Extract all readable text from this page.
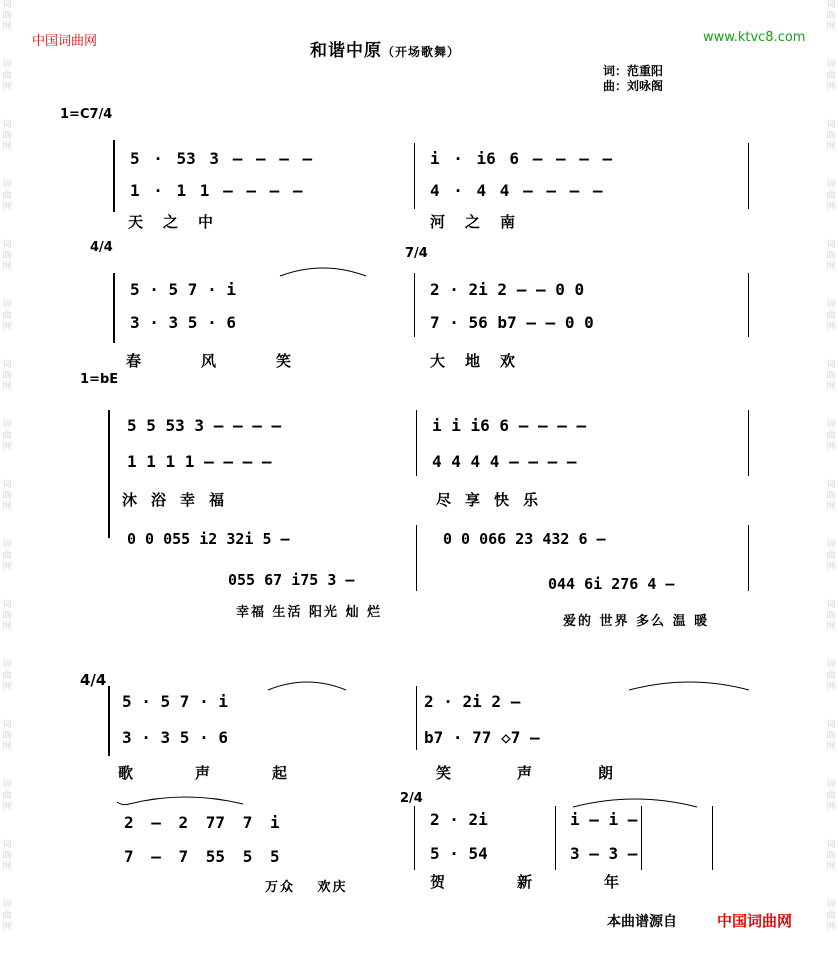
词
曲
网
词
曲
网
词
曲
网
词
曲
网
词
曲
网
词
曲
网
词
曲
网
词
曲
网
词
曲
网
词
曲
网
词
曲
网
词
曲
网
词
曲
网
词
曲
网
词
曲
网
词
曲
网
词
曲
网
词
曲
网
词
曲
网
词
曲
网
词
曲
网
词
曲
网
词
曲
网
词
曲
网
词
曲
网
词
曲
网
词
曲
网
词
曲
网
词
曲
网
词
曲
网
词
曲
网
词
曲
网
中国词曲网	www.ktvc8.com
和谐中原（开场歌舞）
词：范重阳
曲：刘咏阁
1=C7/4
5 · 53 3 – – – –
1 · 1 1 – – – –
i · i6 6 – – – –
4 · 4 4 – – – –
天之中	河之南
4/4	7/4
5 · 5 7 · i
3 · 3 5 · 6
2 · 2i 2 – – 0 0
7 · 56 b7 – – 0 0
春风笑	大地欢
1=bE
5 5 53 3 – – – –
1 1 1 1 – – – –
i i i6 6 – – – –
4 4 4 4 – – – –
沐浴幸福	尽享快乐
0 0 055 i2 32i 5 –	0 0 066 23 432 6 –
055 67 i75 3 –	044 6i 276 4 –
幸福 生活 阳光 灿 烂
爱的 世界 多么 温 暖
4/4
5 · 5 7 · i
3 · 3 5 · 6
2 · 2i 2 –
b7 · 77 ◇7 –
歌声起	笑声朗
2/4
2 – 2 77 7 i
7 – 7 55 5 5
万众 欢庆
2 · 2i
5 · 54
i – i –
3 – 3 –
贺新年
本曲谱源自	中国词曲网
